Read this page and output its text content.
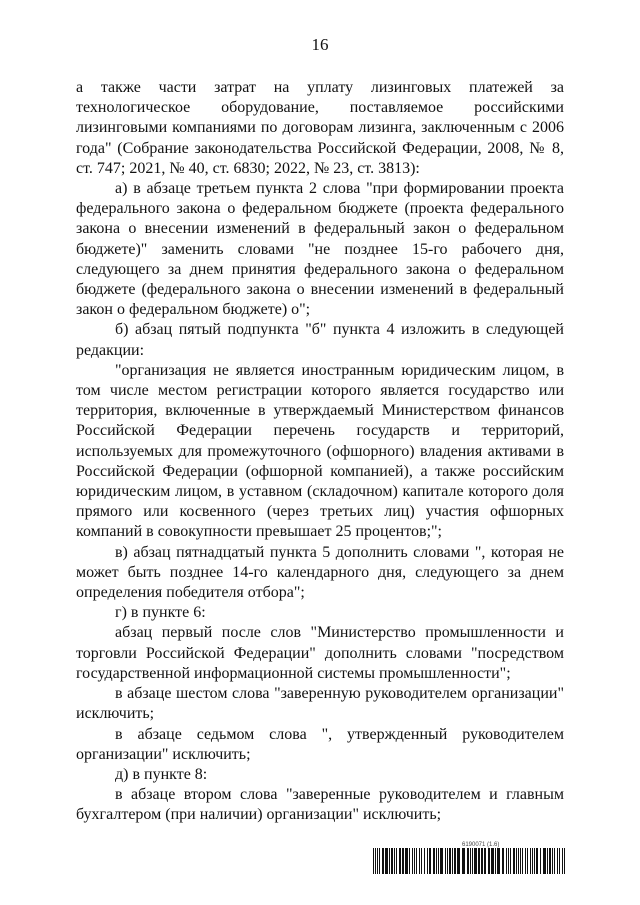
16

а также части затрат на уплату лизинговых платежей за технологическое оборудование, поставляемое российскими лизинговыми компаниями по договорам лизинга, заключенным с 2006 года" (Собрание законодательства Российской Федерации, 2008, № 8, ст. 747; 2021, № 40, ст. 6830; 2022, № 23, ст. 3813):

а) в абзаце третьем пункта 2 слова "при формировании проекта федерального закона о федеральном бюджете (проекта федерального закона о внесении изменений в федеральный закон о федеральном бюджете)" заменить словами "не позднее 15-го рабочего дня, следующего за днем принятия федерального закона о федеральном бюджете (федерального закона о внесении изменений в федеральный закон о федеральном бюджете) о";

б) абзац пятый подпункта "б" пункта 4 изложить в следующей редакции:

"организация не является иностранным юридическим лицом, в том числе местом регистрации которого является государство или территория, включенные в утверждаемый Министерством финансов Российской Федерации перечень государств и территорий, используемых для промежуточного (офшорного) владения активами в Российской Федерации (офшорной компанией), а также российским юридическим лицом, в уставном (складочном) капитале которого доля прямого или косвенного (через третьих лиц) участия офшорных компаний в совокупности превышает 25 процентов;";

в) абзац пятнадцатый пункта 5 дополнить словами ", которая не может быть позднее 14-го календарного дня, следующего за днем определения победителя отбора";

г) в пункте 6:

абзац первый после слов "Министерство промышленности и торговли Российской Федерации" дополнить словами "посредством государственной информационной системы промышленности";

в абзаце шестом слова "заверенную руководителем организации" исключить;

в абзаце седьмом слова ", утвержденный руководителем организации" исключить;

д) в пункте 8:

в абзаце втором слова "заверенные руководителем и главным бухгалтером (при наличии) организации" исключить;

6190071 (1.6)
